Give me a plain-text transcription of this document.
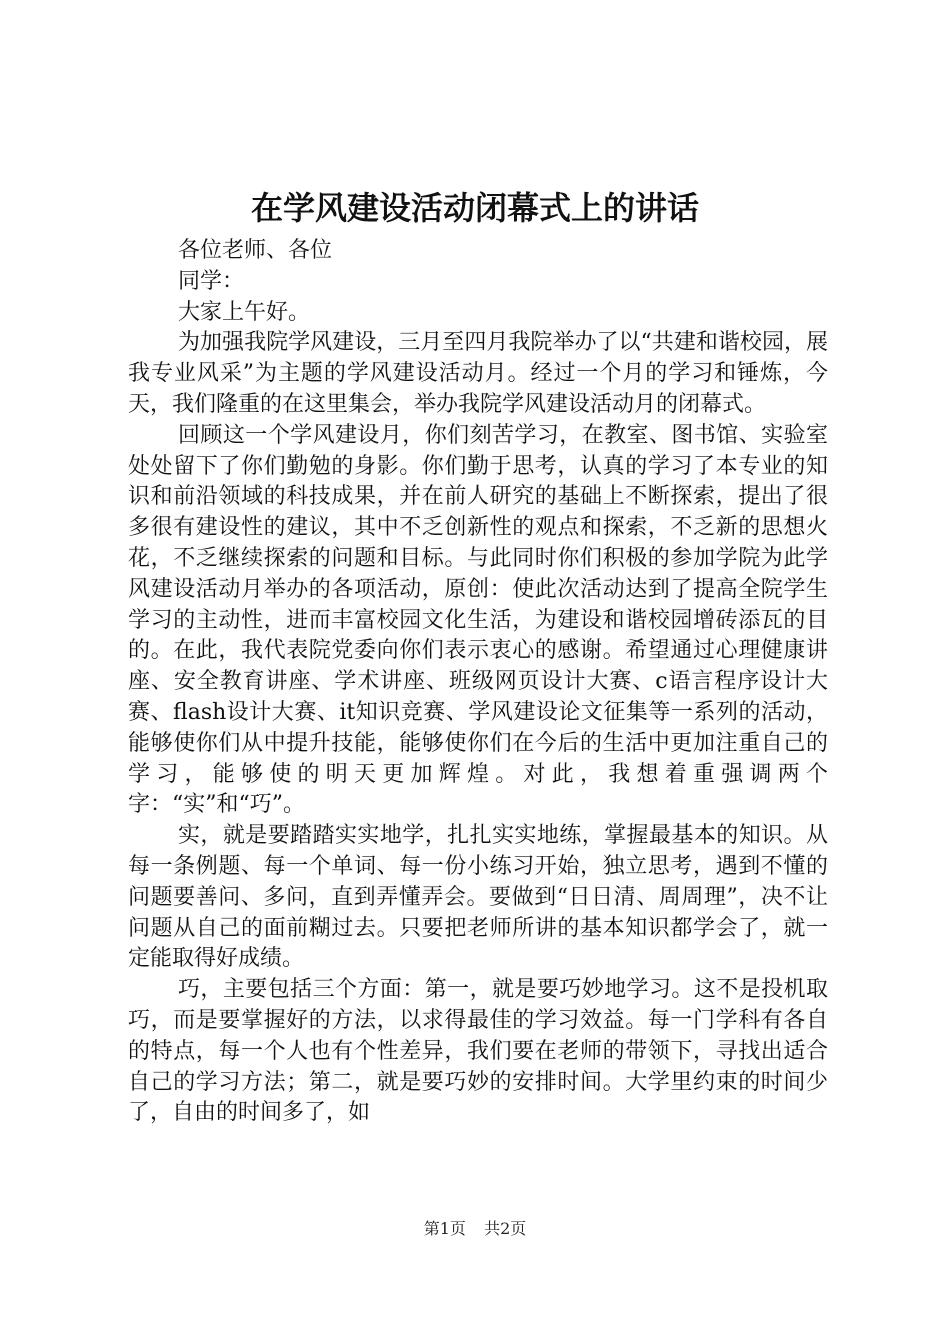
在学风建设活动闭幕式上的讲话

各位老师、各位

同学：

大家上午好。

为加强我院学风建设，三月至四月我院举办了以“共建和谐校园，展我专业风采”为主题的学风建设活动月。经过一个月的学习和锤炼，今天，我们隆重的在这里集会，举办我院学风建设活动月的闭幕式。

回顾这一个学风建设月，你们刻苦学习，在教室、图书馆、实验室处处留下了你们勤勉的身影。你们勤于思考，认真的学习了本专业的知识和前沿领域的科技成果，并在前人研究的基础上不断探索，提出了很多很有建设性的建议，其中不乏创新性的观点和探索，不乏新的思想火花，不乏继续探索的问题和目标。与此同时你们积极的参加学院为此学风建设活动月举办的各项活动，原创：使此次活动达到了提高全院学生学习的主动性，进而丰富校园文化生活，为建设和谐校园增砖添瓦的目的。在此，我代表院党委向你们表示衷心的感谢。希望通过心理健康讲座、安全教育讲座、学术讲座、班级网页设计大赛、c语言程序设计大赛、flash设计大赛、it知识竞赛、学风建设论文征集等一系列的活动，能够使你们从中提升技能，能够使你们在今后的生活中更加注重自己的学习，能够使的明天更加辉煌。对此，我想着重强调两个字：“实”和“巧”。

实，就是要踏踏实实地学，扎扎实实地练，掌握最基本的知识。从每一条例题、每一个单词、每一份小练习开始，独立思考，遇到不懂的问题要善问、多问，直到弄懂弄会。要做到“日日清、周周理”，决不让问题从自己的面前糊过去。只要把老师所讲的基本知识都学会了，就一定能取得好成绩。

巧，主要包括三个方面：第一，就是要巧妙地学习。这不是投机取巧，而是要掌握好的方法，以求得最佳的学习效益。每一门学科有各自的特点，每一个人也有个性差异，我们要在老师的带领下，寻找出适合自己的学习方法；第二，就是要巧妙的安排时间。大学里约束的时间少了，自由的时间多了，如

第1页 共2页
